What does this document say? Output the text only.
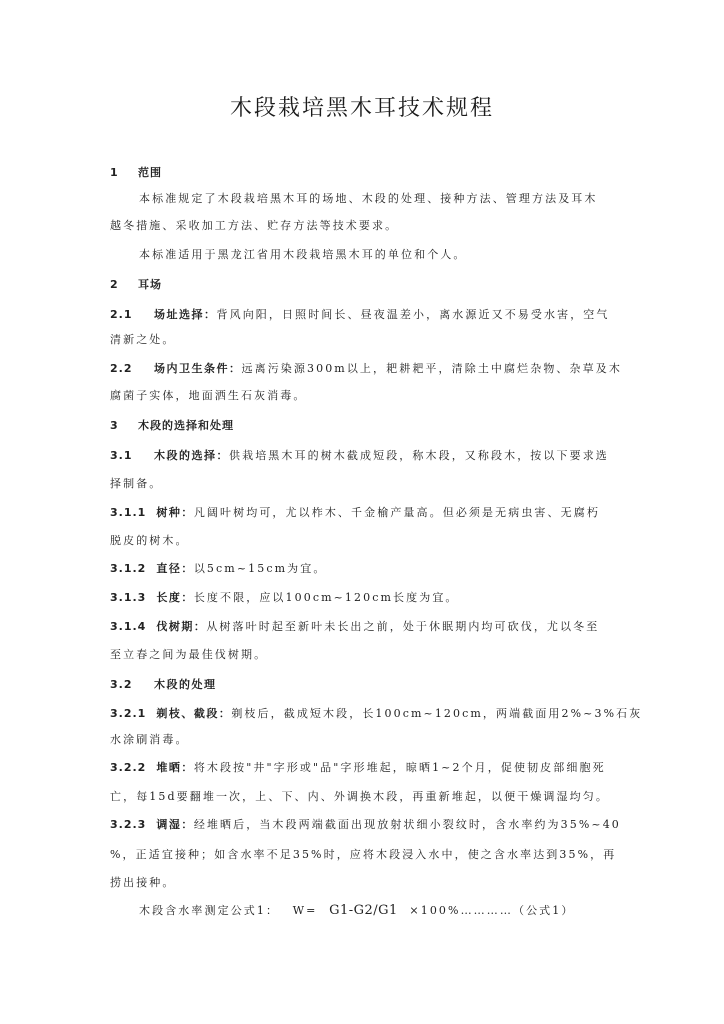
木段栽培黑木耳技术规程
1 范围
本标准规定了木段栽培黑木耳的场地、木段的处理、接种方法、管理方法及耳木
越冬措施、采收加工方法、贮存方法等技术要求。
本标准适用于黑龙江省用木段栽培黑木耳的单位和个人。
2 耳场
2.1 场址选择：背风向阳，日照时间长、昼夜温差小，离水源近又不易受水害，空气
清新之处。
2.2 场内卫生条件：远离污染源300m以上，耙耕耙平，清除土中腐烂杂物、杂草及木
腐菌子实体，地面洒生石灰消毒。
3 木段的选择和处理
3.1 木段的选择：供栽培黑木耳的树木截成短段，称木段，又称段木，按以下要求选
择制备。
3.1.1 树种：凡阔叶树均可，尤以柞木、千金榆产量高。但必须是无病虫害、无腐朽
脱皮的树木。
3.1.2 直径：以5cm~15cm为宜。
3.1.3 长度：长度不限，应以100cm~120cm长度为宜。
3.1.4 伐树期：从树落叶时起至新叶未长出之前，处于休眠期内均可砍伐，尤以冬至
至立春之间为最佳伐树期。
3.2 木段的处理
3.2.1 剃枝、截段：剃枝后，截成短木段，长100cm~120cm，两端截面用2%~3%石灰
水涂刷消毒。
3.2.2 堆晒：将木段按"井"字形或"品"字形堆起，晾晒1~2个月，促使韧皮部细胞死
亡，每15d要翻堆一次，上、下、内、外调换木段，再重新堆起，以便干燥调湿均匀。
3.2.3 调湿：经堆晒后，当木段两端截面出现放射状细小裂纹时，含水率约为35%~40
%，正适宜接种；如含水率不足35%时，应将木段浸入水中，使之含水率达到35%，再
捞出接种。
木段含水率测定公式1： W= G1-G2/G1 ×100%…………（公式1）
